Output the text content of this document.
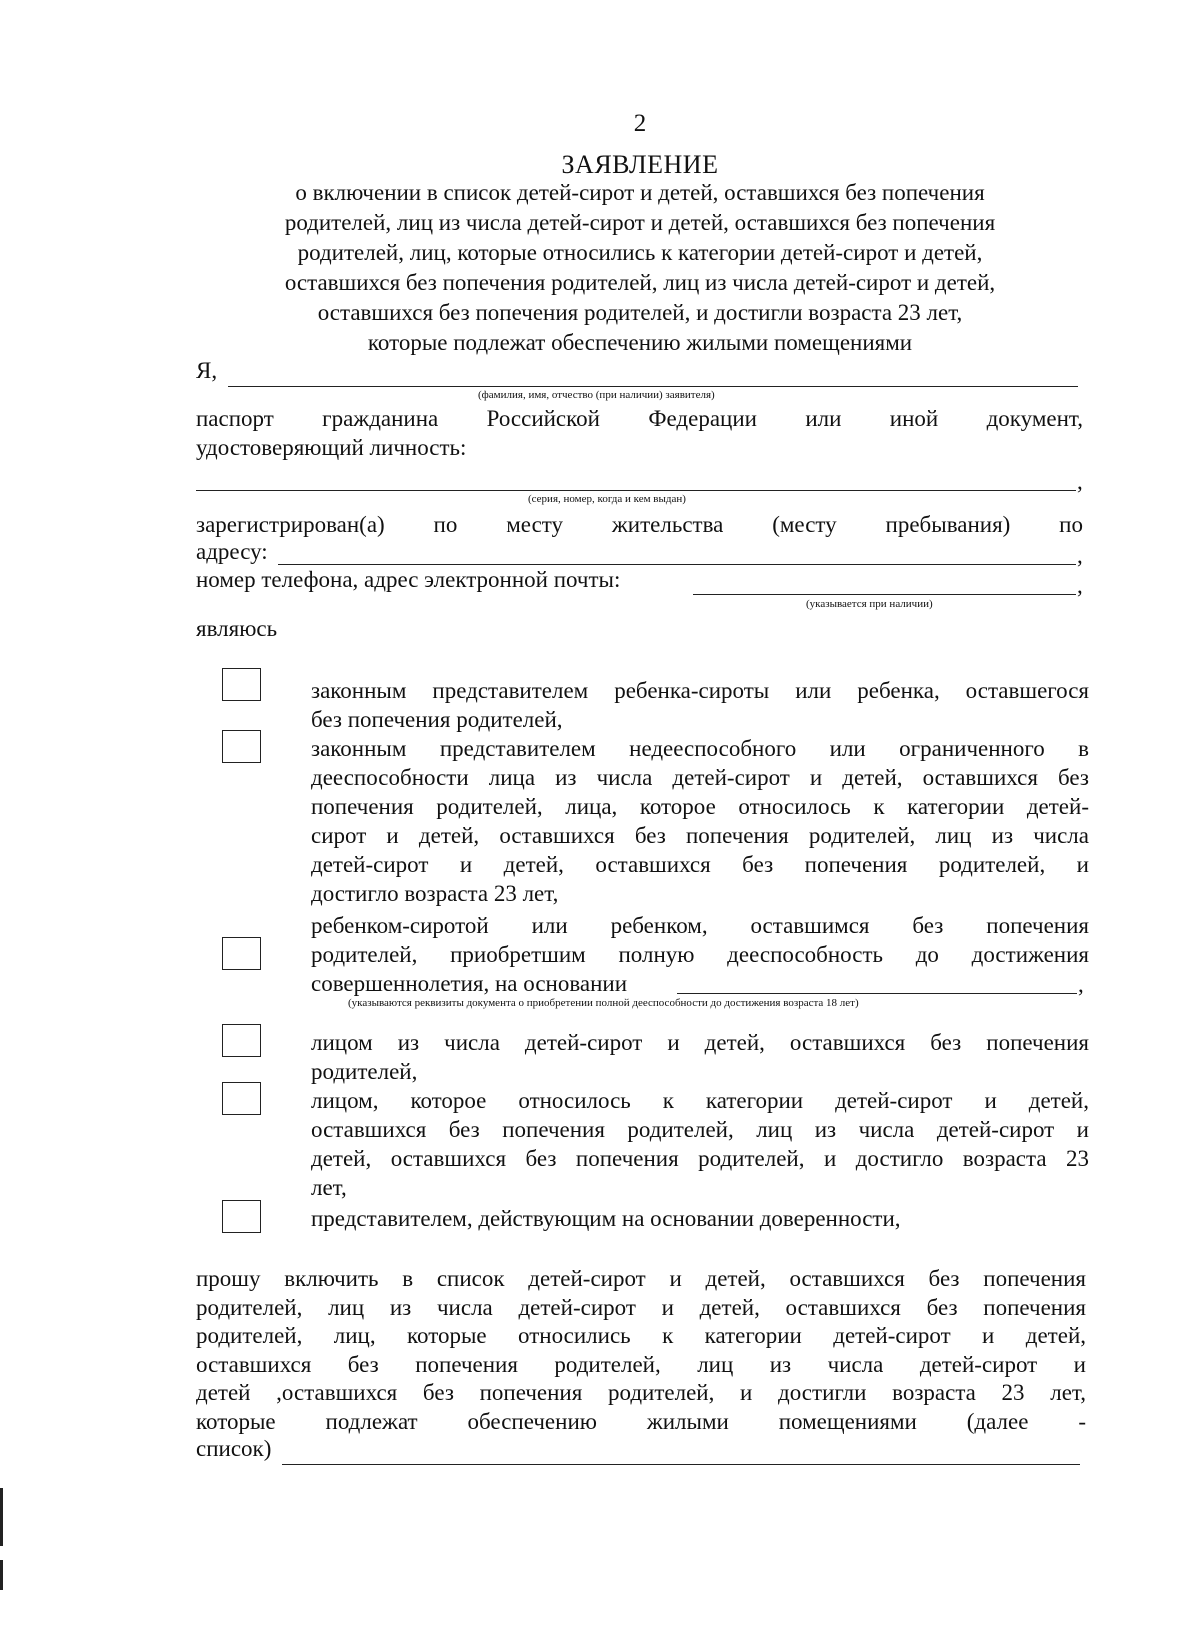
2
ЗАЯВЛЕНИЕ
о включении в список детей-сирот и детей, оставшихся без попечения
родителей, лиц из числа детей-сирот и детей, оставшихся без попечения
родителей, лиц, которые относились к категории детей-сирот и детей,
оставшихся без попечения родителей, лиц из числа детей-сирот и детей,
оставшихся без попечения родителей, и достигли возраста 23 лет,
которые подлежат обеспечению жилыми помещениями
Я,
(фамилия, имя, отчество (при наличии) заявителя)
паспорт гражданина Российской Федерации или иной документ,
удостоверяющий личность:
,
(серия, номер, когда и кем выдан)
зарегистрирован(а) по месту жительства (месту пребывания) по
адресу:	,
номер телефона, адрес электронной почты:	,
(указывается при наличии)
являюсь
законным представителем ребенка-сироты или ребенка, оставшегося
без попечения родителей,
законным представителем недееспособного или ограниченного в
дееспособности лица из числа детей-сирот и детей, оставшихся без
попечения родителей, лица, которое относилось к категории детей-
сирот и детей, оставшихся без попечения родителей, лиц из числа
детей-сирот и детей, оставшихся без попечения родителей, и
достигло возраста 23 лет,
ребенком-сиротой или ребенком, оставшимся без попечения
родителей, приобретшим полную дееспособность до достижения
совершеннолетия, на основании	,
(указываются реквизиты документа о приобретении полной дееспособности до достижения возраста 18 лет)
лицом из числа детей-сирот и детей, оставшихся без попечения
родителей,
лицом, которое относилось к категории детей-сирот и детей,
оставшихся без попечения родителей, лиц из числа детей-сирот и
детей, оставшихся без попечения родителей, и достигло возраста 23
лет,
представителем, действующим на основании доверенности,
прошу включить в список детей-сирот и детей, оставшихся без попечения
родителей, лиц из числа детей-сирот и детей, оставшихся без попечения
родителей, лиц, которые относились к категории детей-сирот и детей,
оставшихся без попечения родителей, лиц из числа детей-сирот и
детей ,оставшихся без попечения родителей, и достигли возраста 23 лет,
которые подлежат обеспечению жилыми помещениями (далее -
список)
